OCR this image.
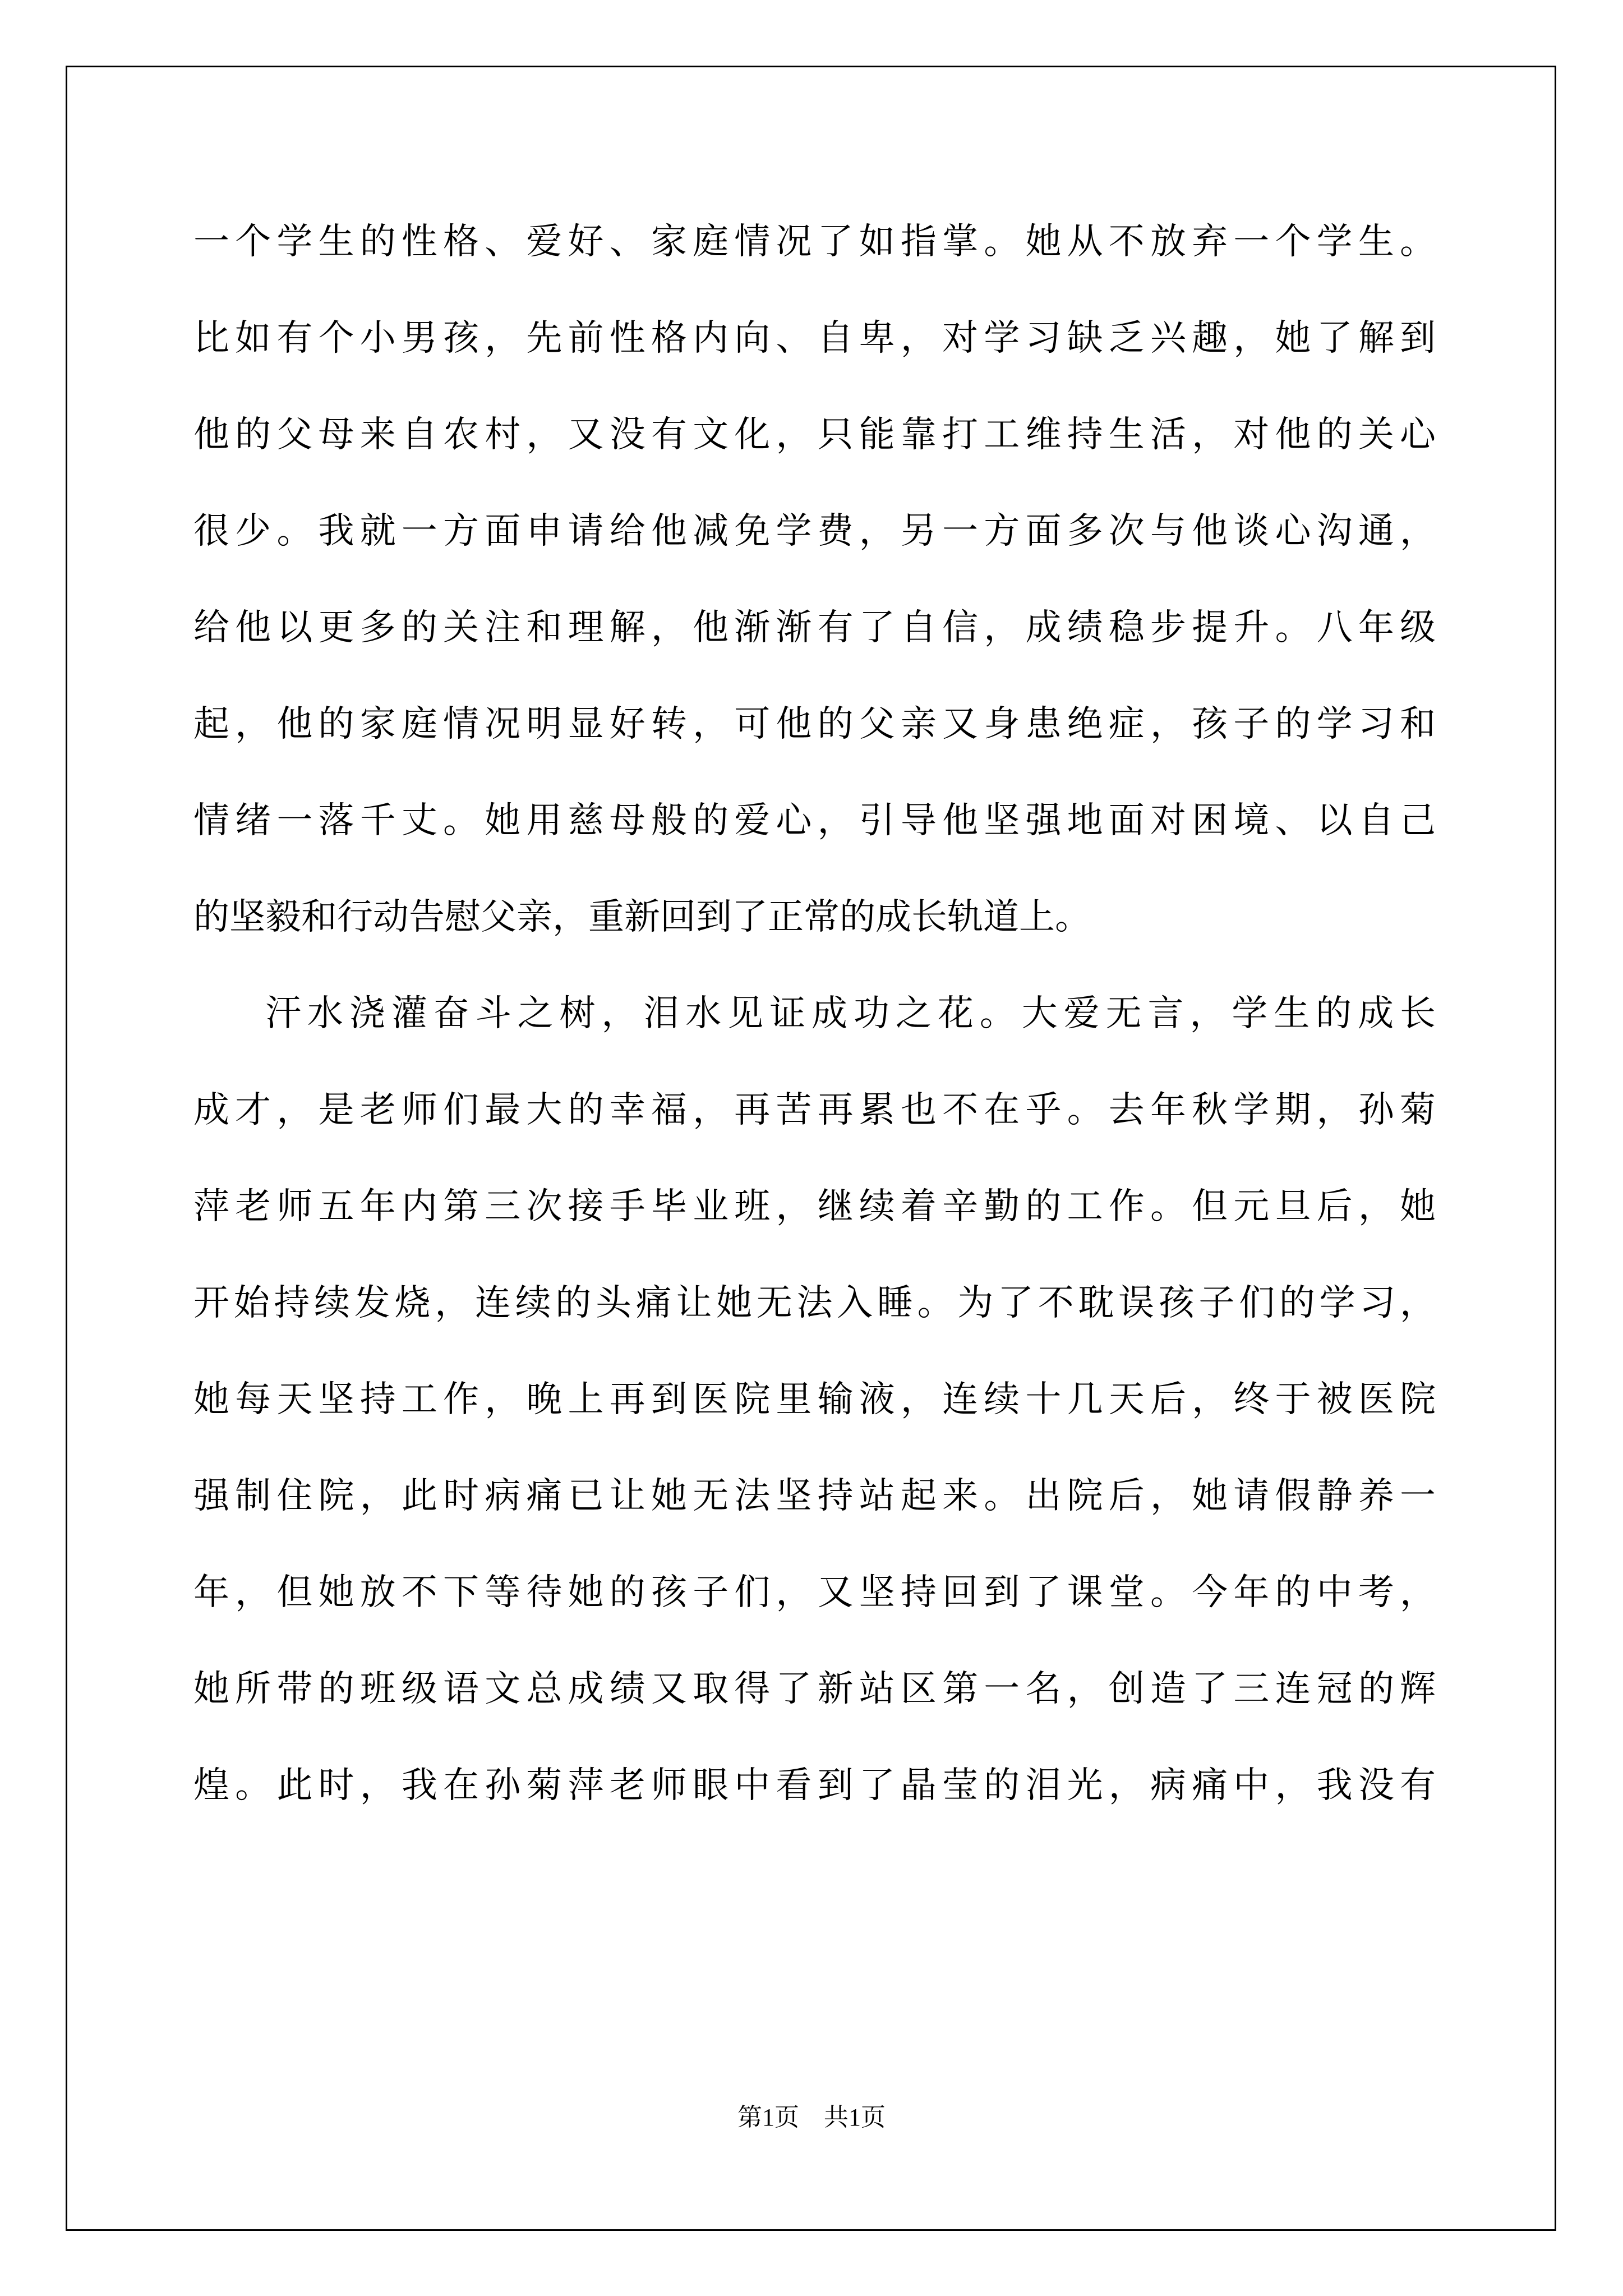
一个学生的性格、爱好、家庭情况了如指掌。她从不放弃一个学生。
比如有个小男孩，先前性格内向、自卑，对学习缺乏兴趣，她了解到
他的父母来自农村，又没有文化，只能靠打工维持生活，对他的关心
很少。我就一方面申请给他减免学费，另一方面多次与他谈心沟通，
给他以更多的关注和理解，他渐渐有了自信，成绩稳步提升。八年级
起，他的家庭情况明显好转，可他的父亲又身患绝症，孩子的学习和
情绪一落千丈。她用慈母般的爱心，引导他坚强地面对困境、以自己
的坚毅和行动告慰父亲，重新回到了正常的成长轨道上。
汗水浇灌奋斗之树，泪水见证成功之花。大爱无言，学生的成长
成才，是老师们最大的幸福，再苦再累也不在乎。去年秋学期，孙菊
萍老师五年内第三次接手毕业班，继续着辛勤的工作。但元旦后，她
开始持续发烧，连续的头痛让她无法入睡。为了不耽误孩子们的学习，
她每天坚持工作，晚上再到医院里输液，连续十几天后，终于被医院
强制住院，此时病痛已让她无法坚持站起来。出院后，她请假静养一
年，但她放不下等待她的孩子们，又坚持回到了课堂。今年的中考，
她所带的班级语文总成绩又取得了新站区第一名，创造了三连冠的辉
煌。此时，我在孙菊萍老师眼中看到了晶莹的泪光，病痛中，我没有
第1页　共1页
